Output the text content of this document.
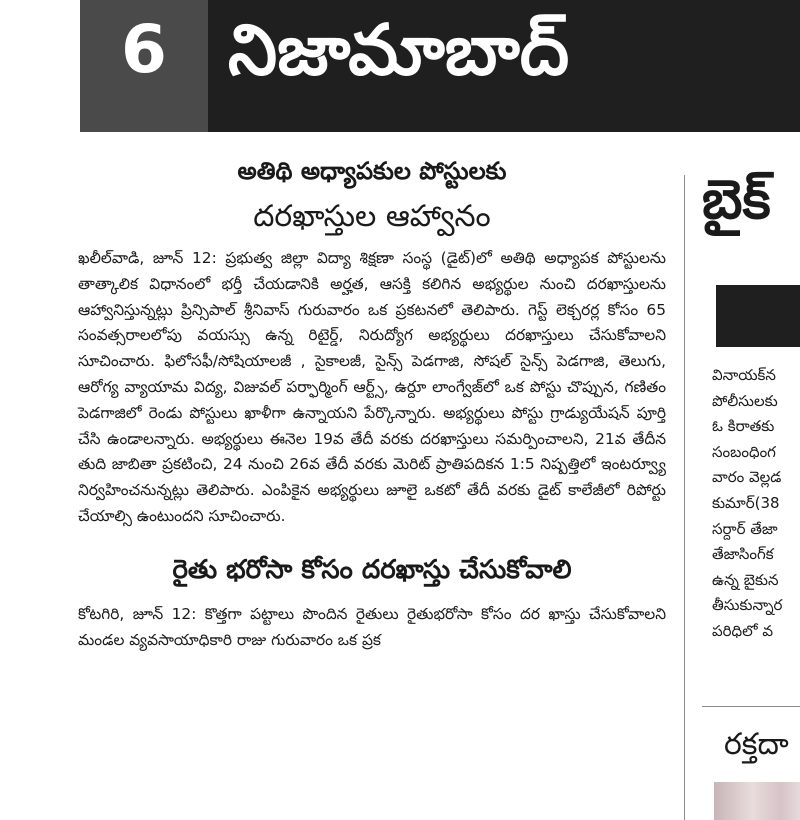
6 నిజామాబాద్

అతిథి అధ్యాపకుల పోస్టులకు

దరఖాస్తుల ఆహ్వానం

ఖలీల్‌వాడి, జూన్ 12: ప్రభుత్వ జిల్లా విద్యా శిక్షణా సంస్థ (డైట్)లో అతిథి అధ్యాపక పోస్టులను తాత్కాలిక విధానంలో భర్తీ చేయడానికి అర్హత, ఆసక్తి కలిగిన అభ్యర్థుల నుంచి దరఖాస్తులను ఆహ్వానిస్తున్నట్లు ప్రిన్సిపాల్ శ్రీనివాస్ గురువారం ఒక ప్రకటనలో తెలిపారు. గెస్ట్ లెక్చరర్ల కోసం 65 సంవత్సరాలలోపు వయస్సు ఉన్న రిటైర్డ్, నిరుద్యోగ అభ్యర్థులు దరఖాస్తులు చేసుకోవాలని సూచించారు. ఫిలోసఫీ/సోషియాలజీ , సైకాలజీ, సైన్స్ పెడగాజి, సోషల్ సైన్స్ పెడగాజి, తెలుగు, ఆరోగ్య వ్యాయామ విద్య, విజువల్ పర్ఫార్మింగ్ ఆర్ట్స్, ఉర్దూ లాంగ్వేజ్‌లో ఒక పోస్టు చొప్పున, గణితం పెడగాజిలో రెండు పోస్టులు ఖాళీగా ఉన్నాయని పేర్కొన్నారు. అభ్యర్థులు పోస్టు గ్రాడ్యుయేషన్ పూర్తి చేసి ఉండాలన్నారు. అభ్యర్థులు ఈనెల 19వ తేదీ వరకు దరఖాస్తులు సమర్పించాలని, 21వ తేదీన తుది జాబితా ప్రకటించి, 24 నుంచి 26వ తేదీ వరకు మెరిట్ ప్రాతిపదికన 1:5 నిష్పత్తిలో ఇంటర్వ్యూ నిర్వహించనున్నట్లు తెలిపారు. ఎంపికైన అభ్యర్థులు జూలై ఒకటో తేదీ వరకు డైట్ కాలేజీలో రిపోర్టు చేయాల్సి ఉంటుందని సూచించారు.

రైతు భరోసా కోసం దరఖాస్తు చేసుకోవాలి

కోటగిరి, జూన్ 12: కొత్తగా పట్టాలు పొందిన రైతులు రైతుభరోసా కోసం దర ఖాస్తు చేసుకోవాలని మండల వ్యవసాయాధికారి రాజు గురువారం ఒక ప్రక

బైక్

వినాయక్‌న
పోలీసులకు
ఓ కిరాతకు
సంబంధింగ
వారం వెల్లడ
కుమార్(38
సర్దార్ తేజా
తేజాసింగ్‌క
ఉన్న బైకున
తీసుకున్నార
పరిధిలో వ
రక్తదా
